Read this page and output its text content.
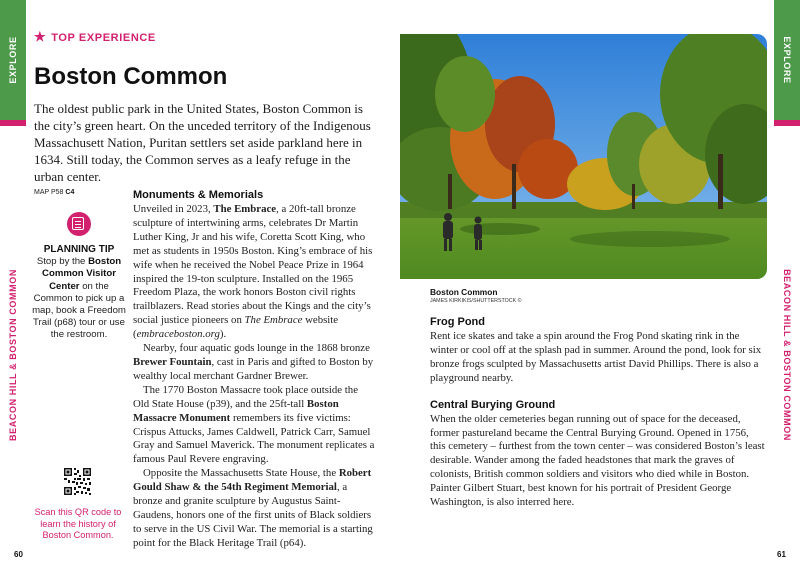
EXPLORE
BEACON HILL & BOSTON COMMON
EXPLORE
BEACON HILL & BOSTON COMMON
★ TOP EXPERIENCE
Boston Common

The oldest public park in the United States, Boston Common is the city’s green heart. On the unceded territory of the Indigenous Massachusett Nation, Puritan settlers set aside parkland here in 1634. Still today, the Common serves as a leafy refuge in the urban center.

MAP P58 C4

PLANNING TIP

Stop by the Boston Common Visitor Center on the Common to pick up a map, book a Freedom Trail (p68) tour or use the restroom.
Scan this QR code to learn the history of Boston Common.
Monuments & Memorials

Unveiled in 2023, The Embrace, a 20ft-tall bronze sculpture of intertwining arms, celebrates Dr Martin Luther King, Jr and his wife, Coretta Scott King, who met as students in 1950s Boston. King’s embrace of his wife when he received the Nobel Peace Prize in 1964 inspired the 19-ton sculpture. Installed on the 1965 Freedom Plaza, the work honors Boston civil rights trailblazers. Read stories about the Kings and the city’s social justice pioneers on The Embrace website (embraceboston.org).

Nearby, four aquatic gods lounge in the 1868 bronze Brewer Fountain, cast in Paris and gifted to Boston by wealthy local merchant Gardner Brewer.

The 1770 Boston Massacre took place outside the Old State House (p39), and the 25ft-tall Boston Massacre Monument remembers its five victims: Crispus Attucks, James Caldwell, Patrick Carr, Samuel Gray and Samuel Maverick. The monument replicates a famous Paul Revere engraving.

Opposite the Massachusetts State House, the Robert Gould Shaw & the 54th Regiment Memorial, a bronze and granite sculpture by Augustus Saint-Gaudens, honors one of the first units of Black soldiers to serve in the US Civil War. The memorial is a starting point for the Black Heritage Trail (p64).

Boston Common
JAMES KIRKIKIS/SHUTTERSTOCK ©
Frog Pond

Rent ice skates and take a spin around the Frog Pond skating rink in the winter or cool off at the splash pad in summer. Around the pond, look for six bronze frogs sculpted by Massachusetts artist David Phillips. There is also a playground nearby.

Central Burying Ground

When the older cemeteries began running out of space for the deceased, former pastureland became the Central Burying Ground. Opened in 1756, this cemetery – furthest from the town center – was considered Boston’s least desirable. Wander among the faded headstones that mark the graves of colonists, British common soldiers and visitors who died while in Boston. Painter Gilbert Stuart, best known for his portrait of President George Washington, is also interred here.

60	61
